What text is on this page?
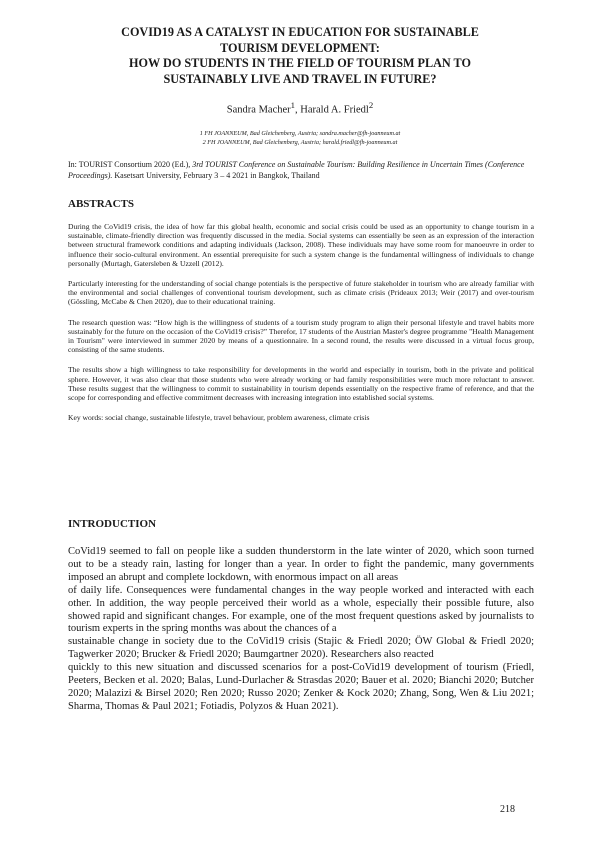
COVID19 AS A CATALYST IN EDUCATION FOR SUSTAINABLE
TOURISM DEVELOPMENT:
HOW DO STUDENTS IN THE FIELD OF TOURISM PLAN TO
SUSTAINABLY LIVE AND TRAVEL IN FUTURE?
Sandra Macher$^1$, Harald A. Friedl$^2$
1 FH JOANNEUM, Bad Gleichenberg, Austria; sandra.macher@fh-joanneum.at
2 FH JOANNEUM, Bad Gleichenberg, Austria; harald.friedl@fh-joanneum.at
In: TOURIST Consortium 2020 (Ed.), 3rd TOURIST Conference on Sustainable Tourism: Building Resilience in Uncertain Times (Conference Proceedings). Kasetsart University, February 3 – 4 2021 in Bangkok, Thailand
ABSTRACTS

During the CoVid19 crisis, the idea of how far this global health, economic and social crisis could be used as an opportunity to change tourism in a sustainable, climate-friendly direction was frequently discussed in the media. Social systems can essentially be seen as an expression of the interaction between structural framework conditions and adapting individuals (Jackson, 2008). These individuals may have some room for manoeuvre in order to influence their socio-cultural environment. An essential prerequisite for such a system change is the fundamental willingness of individuals to change personally (Murtagh, Gatersleben & Uzzell (2012).

Particularly interesting for the understanding of social change potentials is the perspective of future stakeholder in tourism who are already familiar with the environmental and social challenges of conventional tourism development, such as climate crisis (Prideaux 2013; Weir (2017) and over-tourism (Gössling, McCabe & Chen 2020), due to their educational training.

The research question was: “How high is the willingness of students of a tourism study program to align their personal lifestyle and travel habits more sustainably for the future on the occasion of the CoVid19 crisis?” Therefor, 17 students of the Austrian Master's degree programme "Health Management in Tourism" were interviewed in summer 2020 by means of a questionnaire. In a second round, the results were discussed in a virtual focus group, consisting of the same students.

The results show a high willingness to take responsibility for developments in the world and especially in tourism, both in the private and political sphere. However, it was also clear that those students who were already working or had family responsibilities were much more reluctant to answer. These results suggest that the willingness to commit to sustainability in tourism depends essentially on the respective frame of reference, and that the scope for corresponding and effective commitment decreases with increasing integration into established social systems.

Key words: social change, sustainable lifestyle, travel behaviour, problem awareness, climate crisis

INTRODUCTION

CoVid19 seemed to fall on people like a sudden thunderstorm in the late winter of 2020, which soon turned out to be a steady rain, lasting for longer than a year. In order to fight the pandemic, many governments imposed an abrupt and complete lockdown, with enormous impact on all areas
of daily life. Consequences were fundamental changes in the way people worked and interacted with each other. In addition, the way people perceived their world as a whole, especially their possible future, also showed rapid and significant changes. For example, one of the most frequent questions asked by journalists to tourism experts in the spring months was about the chances of a
sustainable change in society due to the CoVid19 crisis (Stajic & Friedl 2020; ÖW Global & Friedl 2020; Tagwerker 2020; Brucker & Friedl 2020; Baumgartner 2020). Researchers also reacted
quickly to this new situation and discussed scenarios for a post-CoVid19 development of tourism (Friedl, Peeters, Becken et al. 2020; Balas, Lund-Durlacher & Strasdas 2020; Bauer et al. 2020; Bianchi 2020; Butcher 2020; Malazizi & Birsel 2020; Ren 2020; Russo 2020; Zenker & Kock 2020; Zhang, Song, Wen & Liu 2021; Sharma, Thomas & Paul 2021; Fotiadis, Polyzos & Huan 2021).

218
